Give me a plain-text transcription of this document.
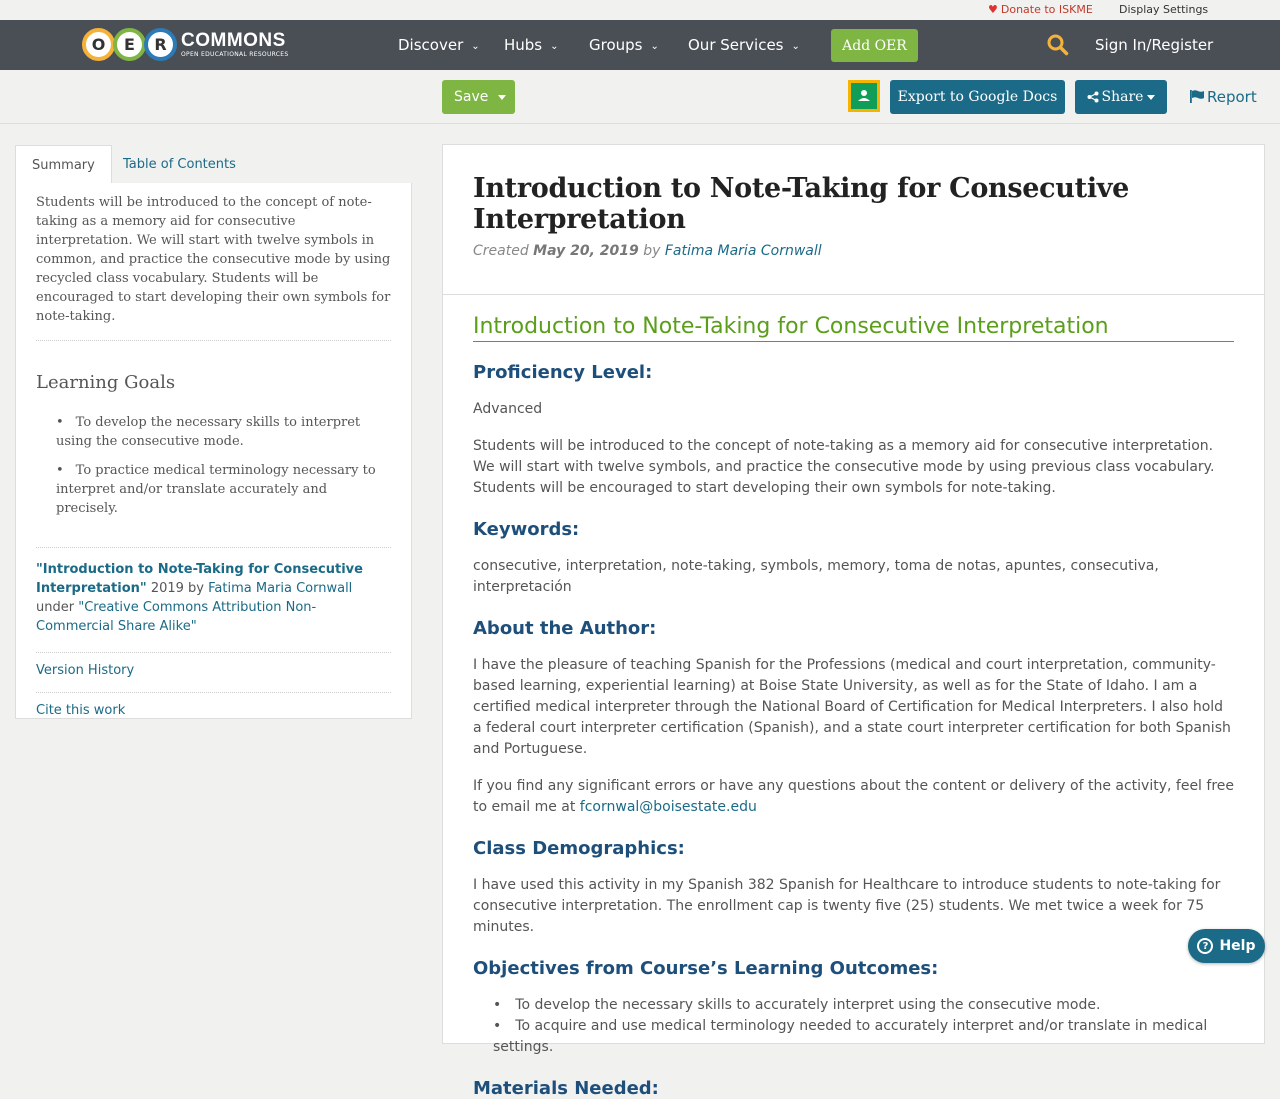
♥ Donate to ISKME Display Settings
O	E	R COMMONS
OPEN EDUCATIONAL RESOURCES	Discover ⌄ Hubs ⌄ Groups ⌄ Our Services ⌄	Add OER	Sign In/Register
Save	Export to Google Docs	Share	Report
Summary	Table of Contents
Students will be introduced to the concept of note-taking as a memory aid for consecutive interpretation. We will start with twelve symbols in common, and practice the consecutive mode by using recycled class vocabulary. Students will be encouraged to start developing their own symbols for note-taking.
Learning Goals
• To develop the necessary skills to interpret using the consecutive mode.
• To practice medical terminology necessary to interpret and/or translate accurately and precisely.
"Introduction to Note-Taking for Consecutive Interpretation" 2019 by Fatima Maria Cornwall
under "Creative Commons Attribution Non-Commercial Share Alike"
Version History
Cite this work
Introduction to Note-Taking for Consecutive Interpretation
Created May 20, 2019 by Fatima Maria Cornwall
Introduction to Note-Taking for Consecutive Interpretation
Proficiency Level:
Advanced
Students will be introduced to the concept of note-taking as a memory aid for consecutive interpretation. We will start with twelve symbols, and practice the consecutive mode by using previous class vocabulary. Students will be encouraged to start developing their own symbols for note-taking.
Keywords:
consecutive, interpretation, note-taking, symbols, memory, toma de notas, apuntes, consecutiva, interpretación
About the Author:
I have the pleasure of teaching Spanish for the Professions (medical and court interpretation, community-based learning, experiential learning) at Boise State University, as well as for the State of Idaho. I am a certified medical interpreter through the National Board of Certification for Medical Interpreters. I also hold a federal court interpreter certification (Spanish), and a state court interpreter certification for both Spanish and Portuguese.
If you find any significant errors or have any questions about the content or delivery of the activity, feel free to email me at fcornwal@boisestate.edu
Class Demographics:
I have used this activity in my Spanish 382 Spanish for Healthcare to introduce students to note-taking for consecutive interpretation. The enrollment cap is twenty five (25) students. We met twice a week for 75 minutes.
Objectives from Course’s Learning Outcomes:
• To develop the necessary skills to accurately interpret using the consecutive mode.
• To acquire and use medical terminology needed to accurately interpret and/or translate in medical settings.
Materials Needed:
? Help
